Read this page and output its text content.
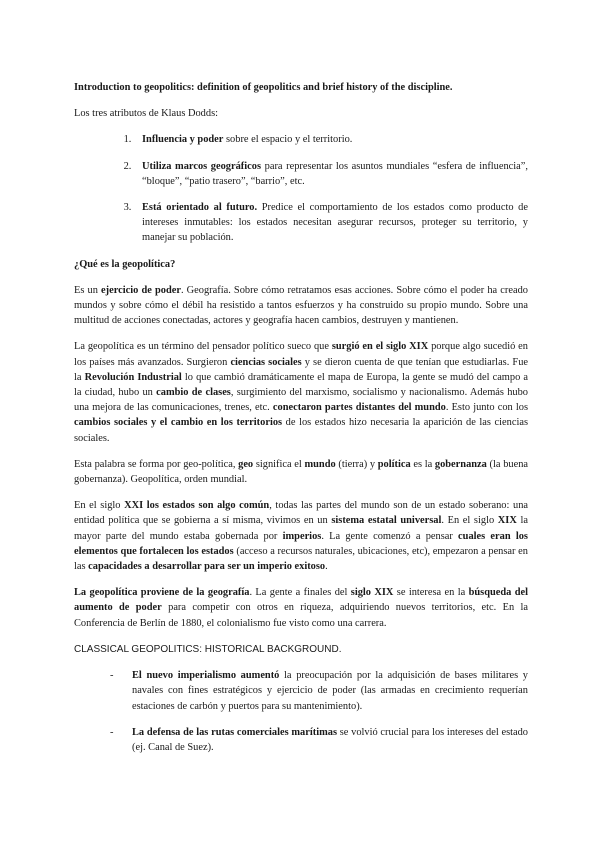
Introduction to geopolitics: definition of geopolitics and brief history of the discipline.

Los tres atributos de Klaus Dodds:

1. Influencia y poder sobre el espacio y el territorio.
2. Utiliza marcos geográficos para representar los asuntos mundiales “esfera de influencia”, “bloque”, “patio trasero”, “barrio”, etc.
3. Está orientado al futuro. Predice el comportamiento de los estados como producto de intereses inmutables: los estados necesitan asegurar recursos, proteger su territorio, y manejar su población.

¿Qué es la geopolítica?

Es un ejercicio de poder. Geografía. Sobre cómo retratamos esas acciones. Sobre cómo el poder ha creado mundos y sobre cómo el débil ha resistido a tantos esfuerzos y ha construido su propio mundo. Sobre una multitud de acciones conectadas, actores y geografía hacen cambios, destruyen y mantienen.

La geopolítica es un término del pensador político sueco que surgió en el siglo XIX porque algo sucedió en los países más avanzados. Surgieron ciencias sociales y se dieron cuenta de que tenían que estudiarlas. Fue la Revolución Industrial lo que cambió dramáticamente el mapa de Europa, la gente se mudó del campo a la ciudad, hubo un cambio de clases, surgimiento del marxismo, socialismo y nacionalismo. Además hubo una mejora de las comunicaciones, trenes, etc. conectaron partes distantes del mundo. Esto junto con los cambios sociales y el cambio en los territorios de los estados hizo necesaria la aparición de las ciencias sociales.

Esta palabra se forma por geo-política, geo significa el mundo (tierra) y política es la gobernanza (la buena gobernanza). Geopolítica, orden mundial.

En el siglo XXI los estados son algo común, todas las partes del mundo son de un estado soberano: una entidad política que se gobierna a sí misma, vivimos en un sistema estatal universal. En el siglo XIX la mayor parte del mundo estaba gobernada por imperios. La gente comenzó a pensar cuales eran los elementos que fortalecen los estados (acceso a recursos naturales, ubicaciones, etc), empezaron a pensar en las capacidades a desarrollar para ser un imperio exitoso.

La geopolítica proviene de la geografía. La gente a finales del siglo XIX se interesa en la búsqueda del aumento de poder para competir con otros en riqueza, adquiriendo nuevos territorios, etc. En la Conferencia de Berlín de 1880, el colonialismo fue visto como una carrera.

CLASSICAL GEOPOLITICS: HISTORICAL BACKGROUND.

- El nuevo imperialismo aumentó la preocupación por la adquisición de bases militares y navales con fines estratégicos y ejercicio de poder (las armadas en crecimiento requerían estaciones de carbón y puertos para su mantenimiento).
- La defensa de las rutas comerciales marítimas se volvió crucial para los intereses del estado (ej. Canal de Suez).
